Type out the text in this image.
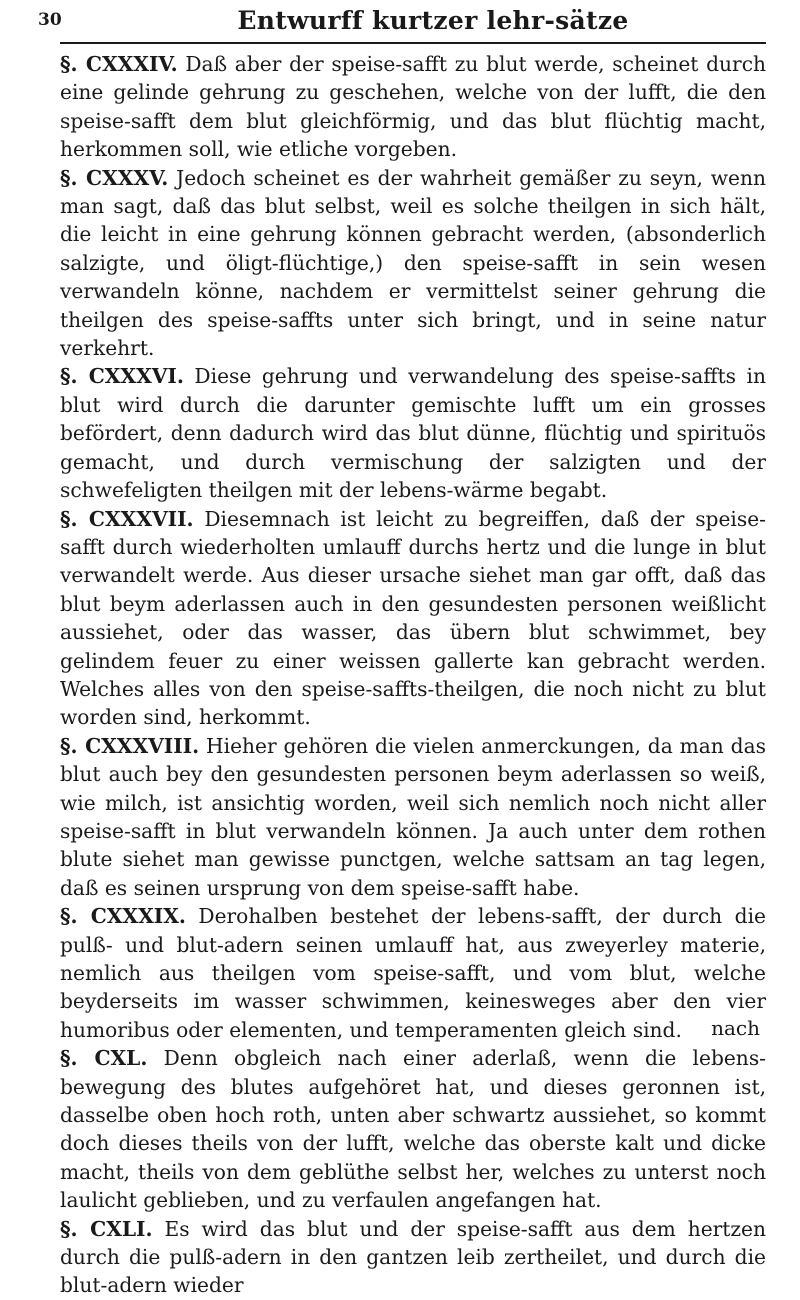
30	Entwurff kurtzer lehr-sätze

§. CXXXIV. Daß aber der speise-safft zu blut werde, scheinet durch eine gelinde gehrung zu geschehen, welche von der lufft, die den speise-safft dem blut gleichförmig, und das blut flüchtig macht, herkommen soll, wie etliche vorgeben.

§. CXXXV. Jedoch scheinet es der wahrheit gemäßer zu seyn, wenn man sagt, daß das blut selbst, weil es solche theilgen in sich hält, die leicht in eine gehrung können gebracht werden, (absonderlich salzigte, und öligt-flüchtige,) den speise-safft in sein wesen verwandeln könne, nachdem er vermittelst seiner gehrung die theilgen des speise-saffts unter sich bringt, und in seine natur verkehrt.

§. CXXXVI. Diese gehrung und verwandelung des speise-saffts in blut wird durch die darunter gemischte lufft um ein grosses befördert, denn dadurch wird das blut dünne, flüchtig und spirituös gemacht, und durch vermischung der salzigten und der schwefeligten theilgen mit der lebens-wärme begabt.

§. CXXXVII. Diesemnach ist leicht zu begreiffen, daß der speise-safft durch wiederholten umlauff durchs hertz und die lunge in blut verwandelt werde. Aus dieser ursache siehet man gar offt, daß das blut beym aderlassen auch in den gesundesten personen weißlicht aussiehet, oder das wasser, das übern blut schwimmet, bey gelindem feuer zu einer weissen gallerte kan gebracht werden. Welches alles von den speise-saffts-theilgen, die noch nicht zu blut worden sind, herkommt.

§. CXXXVIII. Hieher gehören die vielen anmerckungen, da man das blut auch bey den gesundesten personen beym aderlassen so weiß, wie milch, ist ansichtig worden, weil sich nemlich noch nicht aller speise-safft in blut verwandeln können. Ja auch unter dem rothen blute siehet man gewisse punctgen, welche sattsam an tag legen, daß es seinen ursprung von dem speise-safft habe.

§. CXXXIX. Derohalben bestehet der lebens-safft, der durch die pulß- und blut-adern seinen umlauff hat, aus zweyerley materie, nemlich aus theilgen vom speise-safft, und vom blut, welche beyderseits im wasser schwimmen, keinesweges aber den vier humoribus oder elementen, und temperamenten gleich sind.

§. CXL. Denn obgleich nach einer aderlaß, wenn die lebens-bewegung des blutes aufgehöret hat, und dieses geronnen ist, dasselbe oben hoch roth, unten aber schwartz aussiehet, so kommt doch dieses theils von der lufft, welche das oberste kalt und dicke macht, theils von dem geblüthe selbst her, welches zu unterst noch laulicht geblieben, und zu verfaulen angefangen hat.

§. CXLI. Es wird das blut und der speise-safft aus dem hertzen durch die pulß-adern in den gantzen leib zertheilet, und durch die blut-adern wieder

nach
